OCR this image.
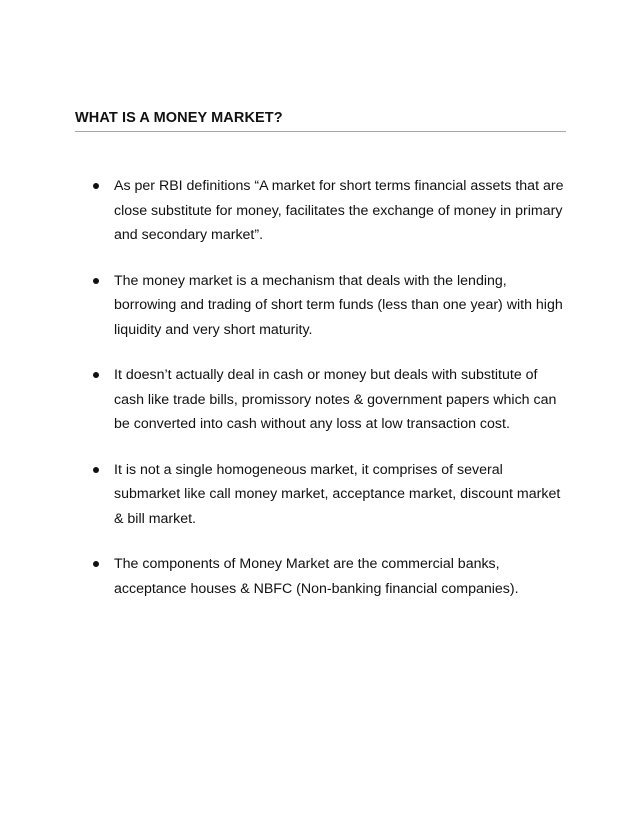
WHAT IS A MONEY MARKET?
As per RBI definitions “A market for short terms financial assets that are close substitute for money, facilitates the exchange of money in primary and secondary market”.
The money market is a mechanism that deals with the lending, borrowing and trading of short term funds (less than one year) with high liquidity and very short maturity.
It doesn’t actually deal in cash or money but deals with substitute of cash like trade bills, promissory notes & government papers which can be converted into cash without any loss at low transaction cost.
It is not a single homogeneous market, it comprises of several submarket like call money market, acceptance market, discount market & bill market.
The components of Money Market are the commercial banks, acceptance houses & NBFC (Non-banking financial companies).
